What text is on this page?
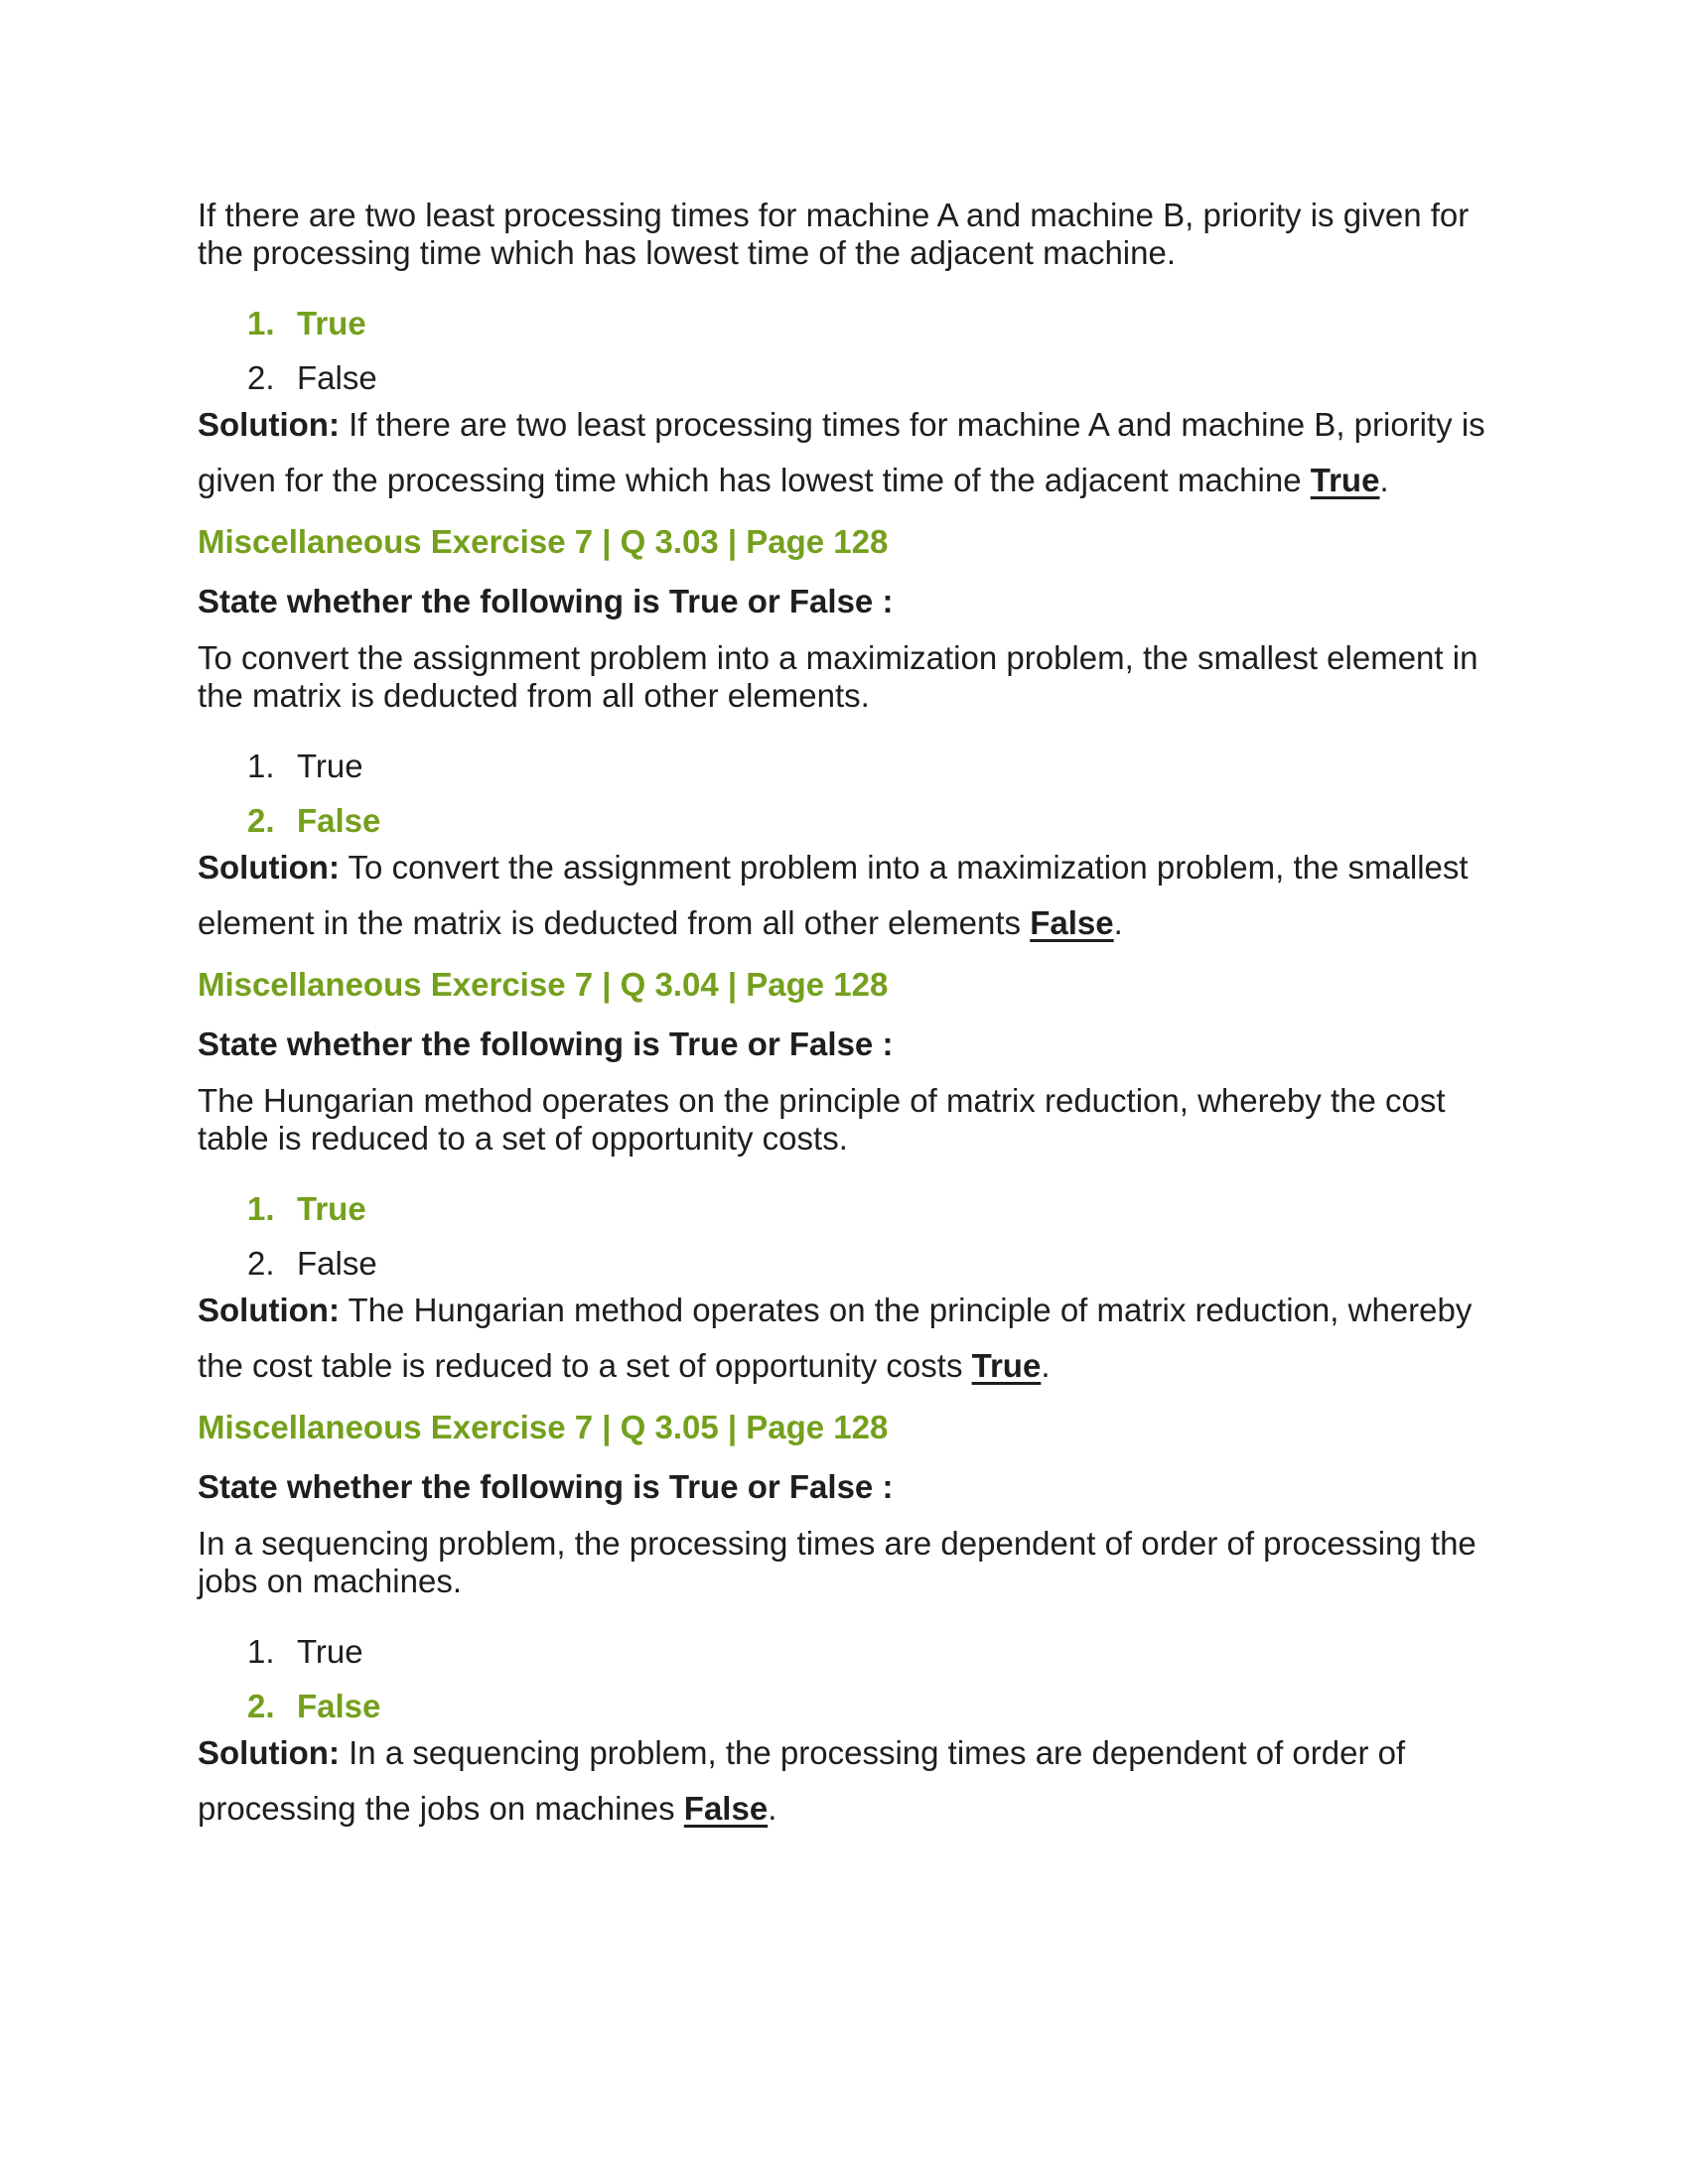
If there are two least processing times for machine A and machine B, priority is given for the processing time which has lowest time of the adjacent machine.

1. True
2. False

Solution: If there are two least processing times for machine A and machine B, priority is given for the processing time which has lowest time of the adjacent machine True.

Miscellaneous Exercise 7 | Q 3.03 | Page 128

State whether the following is True or False :

To convert the assignment problem into a maximization problem, the smallest element in the matrix is deducted from all other elements.

1. True
2. False

Solution: To convert the assignment problem into a maximization problem, the smallest element in the matrix is deducted from all other elements False.

Miscellaneous Exercise 7 | Q 3.04 | Page 128

State whether the following is True or False :

The Hungarian method operates on the principle of matrix reduction, whereby the cost table is reduced to a set of opportunity costs.

1. True
2. False

Solution: The Hungarian method operates on the principle of matrix reduction, whereby the cost table is reduced to a set of opportunity costs True.

Miscellaneous Exercise 7 | Q 3.05 | Page 128

State whether the following is True or False :

In a sequencing problem, the processing times are dependent of order of processing the jobs on machines.

1. True
2. False

Solution: In a sequencing problem, the processing times are dependent of order of processing the jobs on machines False.
